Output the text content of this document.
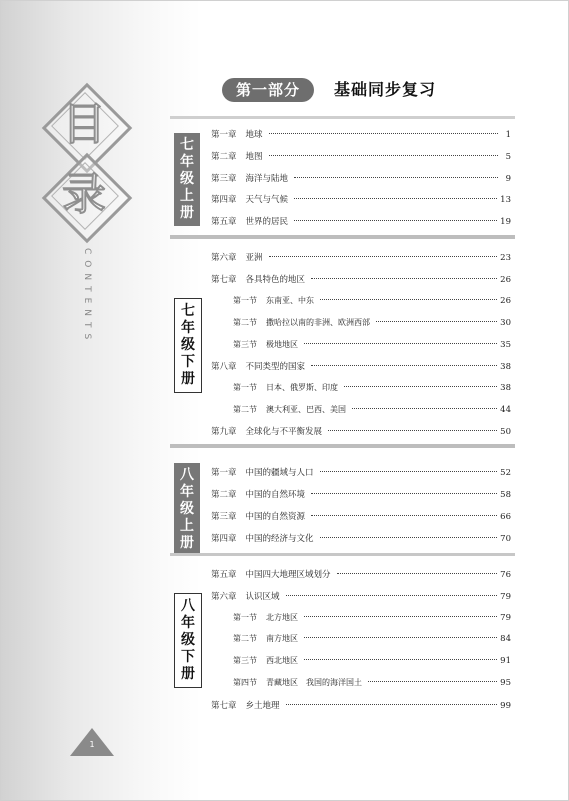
目
录
CONTENTS
第一部分	基础同步复习
七
年
级
上
册
第一章 地球	1
第二章 地图	5
第三章 海洋与陆地	9
第四章 天气与气候	13
第五章 世界的居民	19
七
年
级
下
册
第六章 亚洲	23
第七章 各具特色的地区	26
第一节 东南亚、中东	26
第二节 撒哈拉以南的非洲、欧洲西部	30
第三节 极地地区	35
第八章 不同类型的国家	38
第一节 日本、俄罗斯、印度	38
第二节 澳大利亚、巴西、美国	44
第九章 全球化与不平衡发展	50
八
年
级
上
册
第一章 中国的疆域与人口	52
第二章 中国的自然环境	58
第三章 中国的自然资源	66
第四章 中国的经济与文化	70
八
年
级
下
册
第五章 中国四大地理区域划分	76
第六章 认识区域	79
第一节 北方地区	79
第二节 南方地区	84
第三节 西北地区	91
第四节 青藏地区　我国的海洋国土	95
第七章 乡土地理	99
1
